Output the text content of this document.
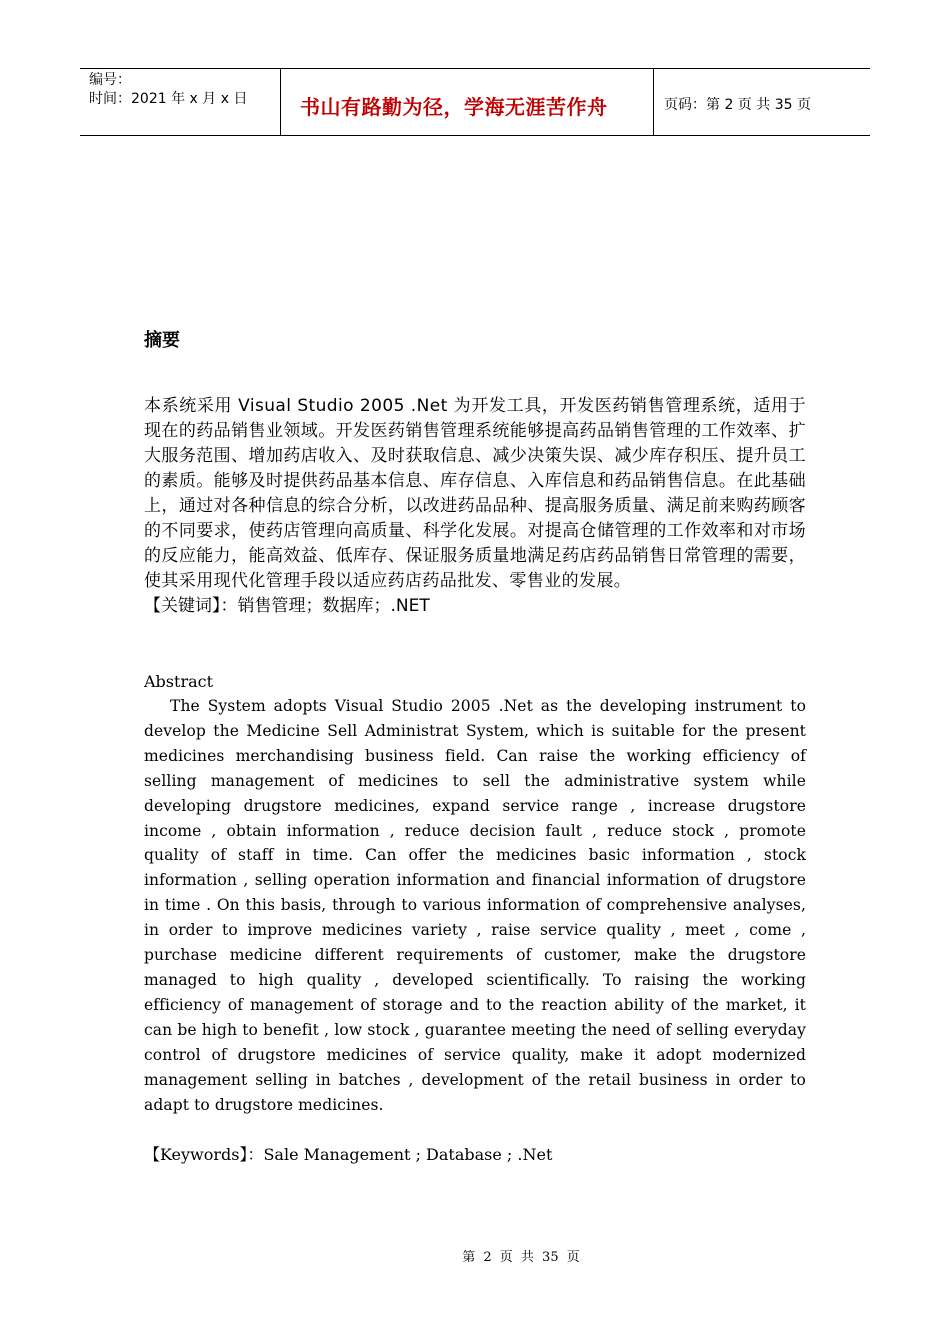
编号：
时间：2021 年 x 月 x 日	书山有路勤为径，学海无涯苦作舟	页码：第 2 页 共 35 页
摘要

本系统采用 Visual Studio 2005 .Net 为开发工具，开发医药销售管理系统，适用于现在的药品销售业领域。开发医药销售管理系统能够提高药品销售管理的工作效率、扩大服务范围、增加药店收入、及时获取信息、减少决策失误、减少库存积压、提升员工的素质。能够及时提供药品基本信息、库存信息、入库信息和药品销售信息。在此基础上，通过对各种信息的综合分析，以改进药品品种、提高服务质量、满足前来购药顾客的不同要求，使药店管理向高质量、科学化发展。对提高仓储管理的工作效率和对市场的反应能力，能高效益、低库存、保证服务质量地满足药店药品销售日常管理的需要，使其采用现代化管理手段以适应药店药品批发、零售业的发展。

【关键词】：销售管理；数据库；.NET

Abstract

The System adopts Visual Studio 2005 .Net as the developing instrument to develop the Medicine Sell Administrat System, which is suitable for the present medicines merchandising business field. Can raise the working efficiency of selling management of medicines to sell the administrative system while developing drugstore medicines, expand service range , increase drugstore income , obtain information , reduce decision fault , reduce stock , promote quality of staff in time. Can offer the medicines basic information , stock information , selling operation information and financial information of drugstore in time . On this basis, through to various information of comprehensive analyses, in order to improve medicines variety , raise service quality , meet , come , purchase medicine different requirements of customer, make the drugstore managed to high quality , developed scientifically. To raising the working efficiency of management of storage and to the reaction ability of the market, it can be high to benefit , low stock , guarantee meeting the need of selling everyday control of drugstore medicines of service quality, make it adopt modernized management selling in batches , development of the retail business in order to adapt to drugstore medicines.

【Keywords】：Sale Management ; Database ; .Net

第 2 页 共 35 页
